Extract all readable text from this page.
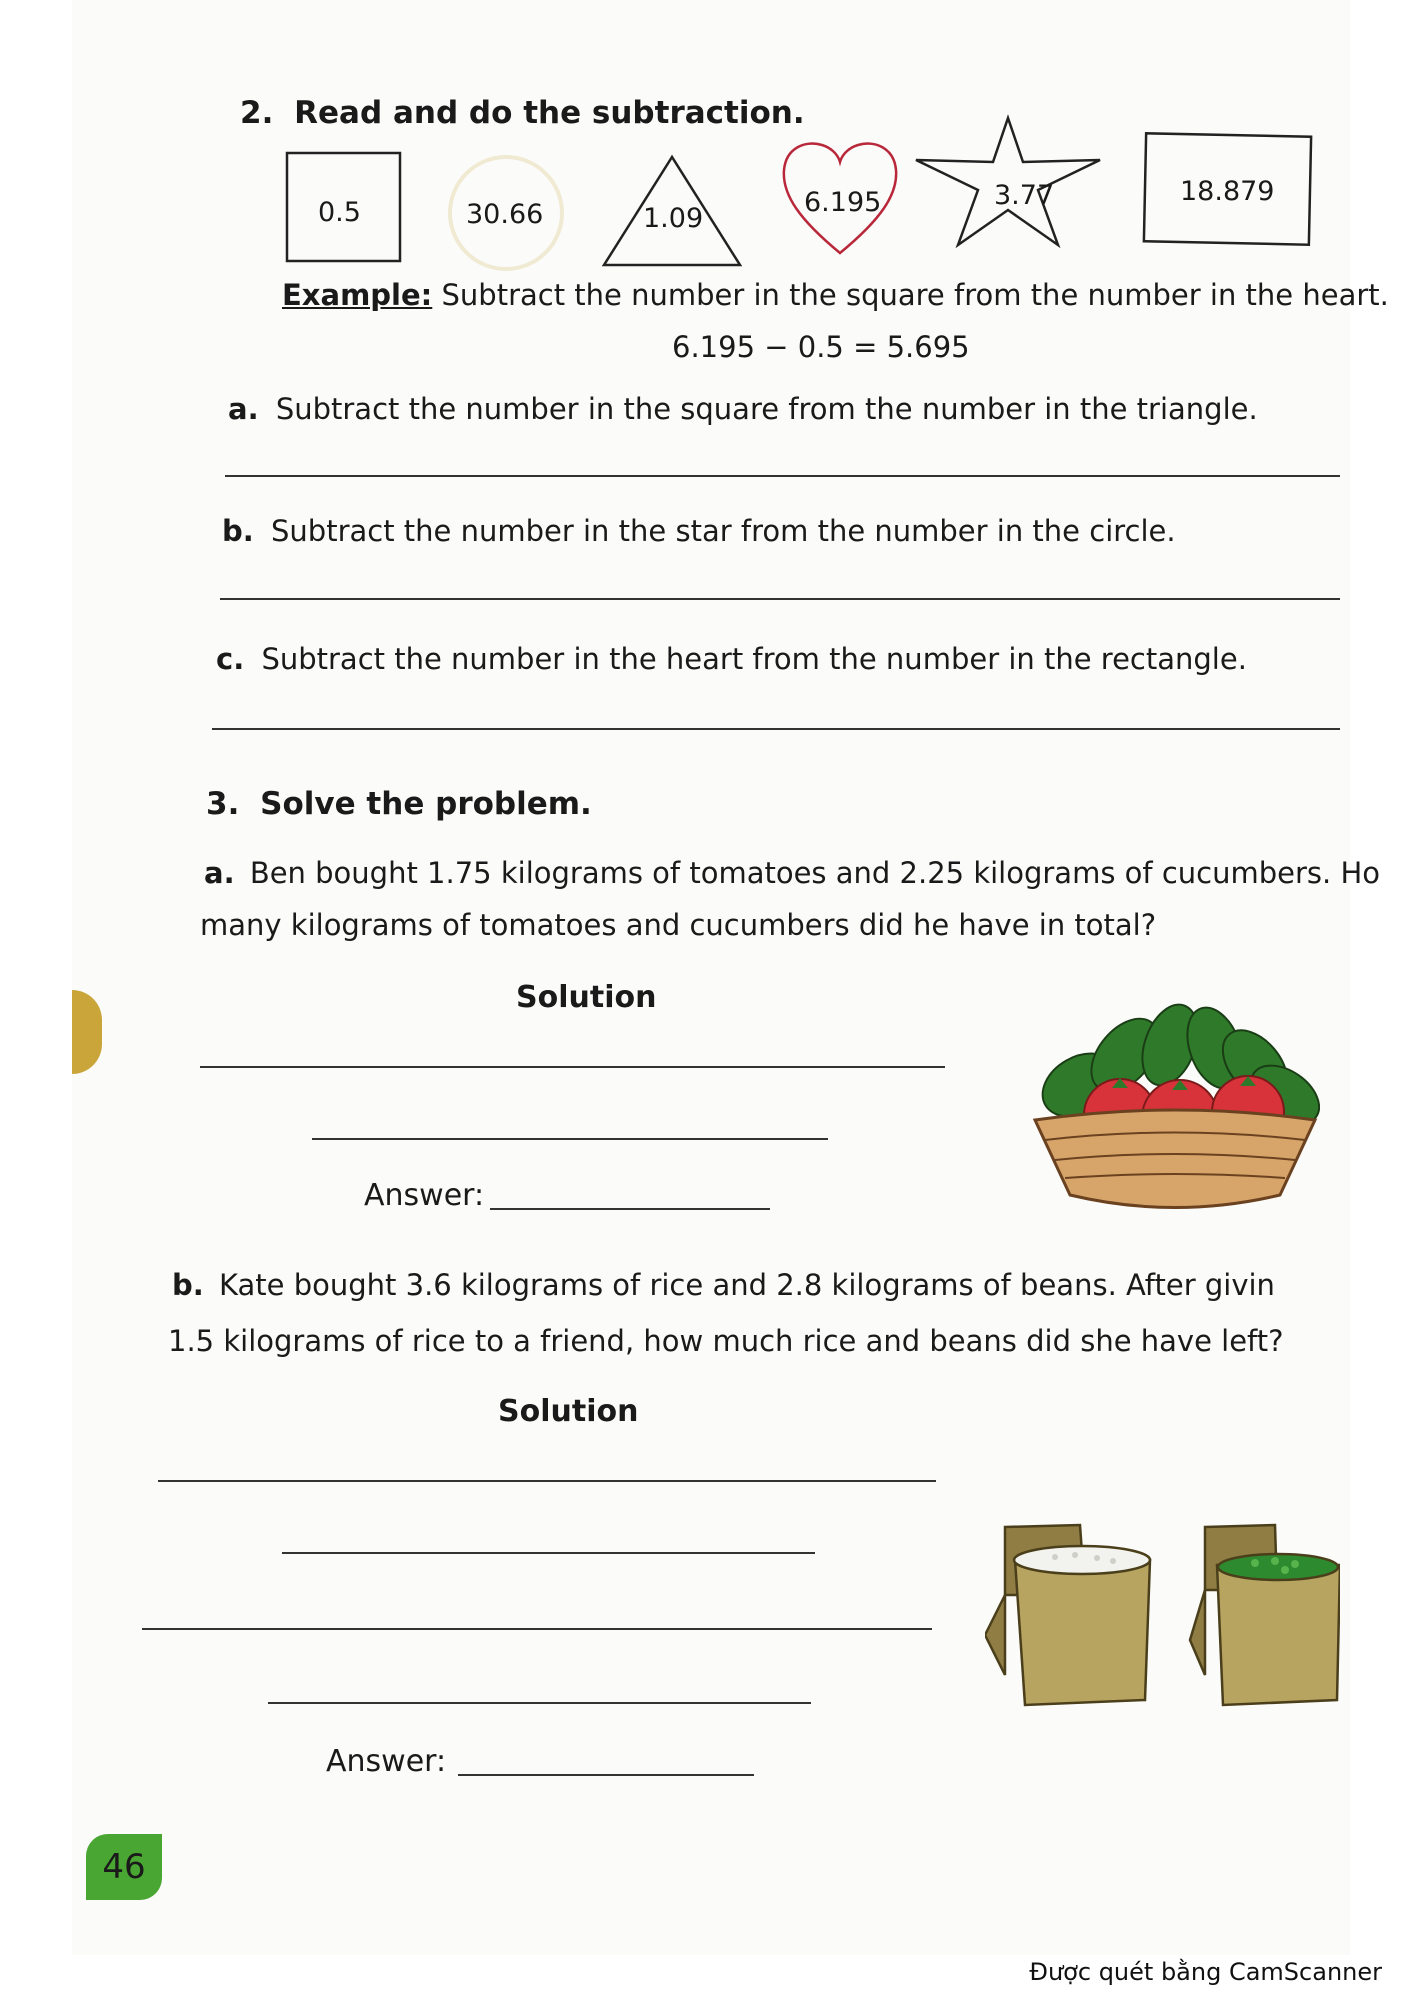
2. Read and do the subtraction.
0.5	30.66	1.09
6.195	3.77	18.879
Example: Subtract the number in the square from the number in the heart.
6.195 − 0.5 = 5.695
a. Subtract the number in the square from the number in the triangle.
b. Subtract the number in the star from the number in the circle.
c. Subtract the number in the heart from the number in the rectangle.
3. Solve the problem.
a. Ben bought 1.75 kilograms of tomatoes and 2.25 kilograms of cucumbers. Ho
many kilograms of tomatoes and cucumbers did he have in total?
Solution
Answer:
b. Kate bought 3.6 kilograms of rice and 2.8 kilograms of beans. After givin
1.5 kilograms of rice to a friend, how much rice and beans did she have left?
Solution
Answer:
46
Được quét bằng CamScanner
